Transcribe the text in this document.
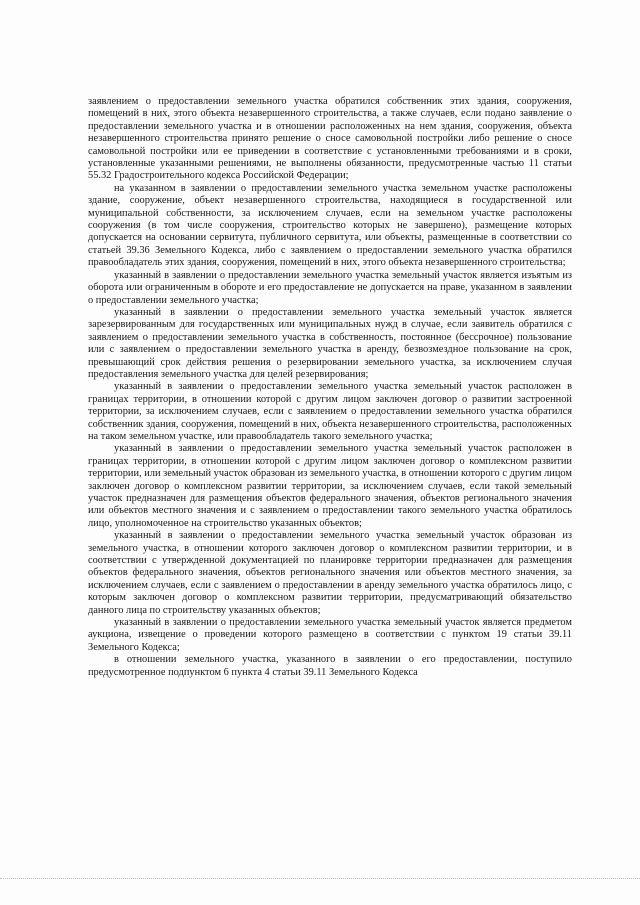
заявлением о предоставлении земельного участка обратился собственник этих здания, сооружения, помещений в них, этого объекта незавершенного строительства, а также случаев, если подано заявление о предоставлении земельного участка и в отношении расположенных на нем здания, сооружения, объекта незавершенного строительства принято решение о сносе самовольной постройки либо решение о сносе самовольной постройки или ее приведении в соответствие с установленными требованиями и в сроки, установленные указанными решениями, не выполнены обязанности, предусмотренные частью 11 статьи 55.32 Градостроительного кодекса Российской Федерации;

на указанном в заявлении о предоставлении земельного участка земельном участке расположены здание, сооружение, объект незавершенного строительства, находящиеся в государственной или муниципальной собственности, за исключением случаев, если на земельном участке расположены сооружения (в том числе сооружения, строительство которых не завершено), размещение которых допускается на основании сервитута, публичного сервитута, или объекты, размещенные в соответствии со статьей 39.36 Земельного Кодекса, либо с заявлением о предоставлении земельного участка обратился правообладатель этих здания, сооружения, помещений в них, этого объекта незавершенного строительства;

указанный в заявлении о предоставлении земельного участка земельный участок является изъятым из оборота или ограниченным в обороте и его предоставление не допускается на праве, указанном в заявлении о предоставлении земельного участка;

указанный в заявлении о предоставлении земельного участка земельный участок является зарезервированным для государственных или муниципальных нужд в случае, если заявитель обратился с заявлением о предоставлении земельного участка в собственность, постоянное (бессрочное) пользование или с заявлением о предоставлении земельного участка в аренду, безвозмездное пользование на срок, превышающий срок действия решения о резервировании земельного участка, за исключением случая предоставления земельного участка для целей резервирования;

указанный в заявлении о предоставлении земельного участка земельный участок расположен в границах территории, в отношении которой с другим лицом заключен договор о развитии застроенной территории, за исключением случаев, если с заявлением о предоставлении земельного участка обратился собственник здания, сооружения, помещений в них, объекта незавершенного строительства, расположенных на таком земельном участке, или правообладатель такого земельного участка;

указанный в заявлении о предоставлении земельного участка земельный участок расположен в границах территории, в отношении которой с другим лицом заключен договор о комплексном развитии территории, или земельный участок образован из земельного участка, в отношении которого с другим лицом заключен договор о комплексном развитии территории, за исключением случаев, если такой земельный участок предназначен для размещения объектов федерального значения, объектов регионального значения или объектов местного значения и с заявлением о предоставлении такого земельного участка обратилось лицо, уполномоченное на строительство указанных объектов;

указанный в заявлении о предоставлении земельного участка земельный участок образован из земельного участка, в отношении которого заключен договор о комплексном развитии территории, и в соответствии с утвержденной документацией по планировке территории предназначен для размещения объектов федерального значения, объектов регионального значения или объектов местного значения, за исключением случаев, если с заявлением о предоставлении в аренду земельного участка обратилось лицо, с которым заключен договор о комплексном развитии территории, предусматривающий обязательство данного лица по строительству указанных объектов;

указанный в заявлении о предоставлении земельного участка земельный участок является предметом аукциона, извещение о проведении которого размещено в соответствии с пунктом 19 статьи 39.11 Земельного Кодекса;

в отношении земельного участка, указанного в заявлении о его предоставлении, поступило предусмотренное подпунктом 6 пункта 4 статьи 39.11 Земельного Кодекса
